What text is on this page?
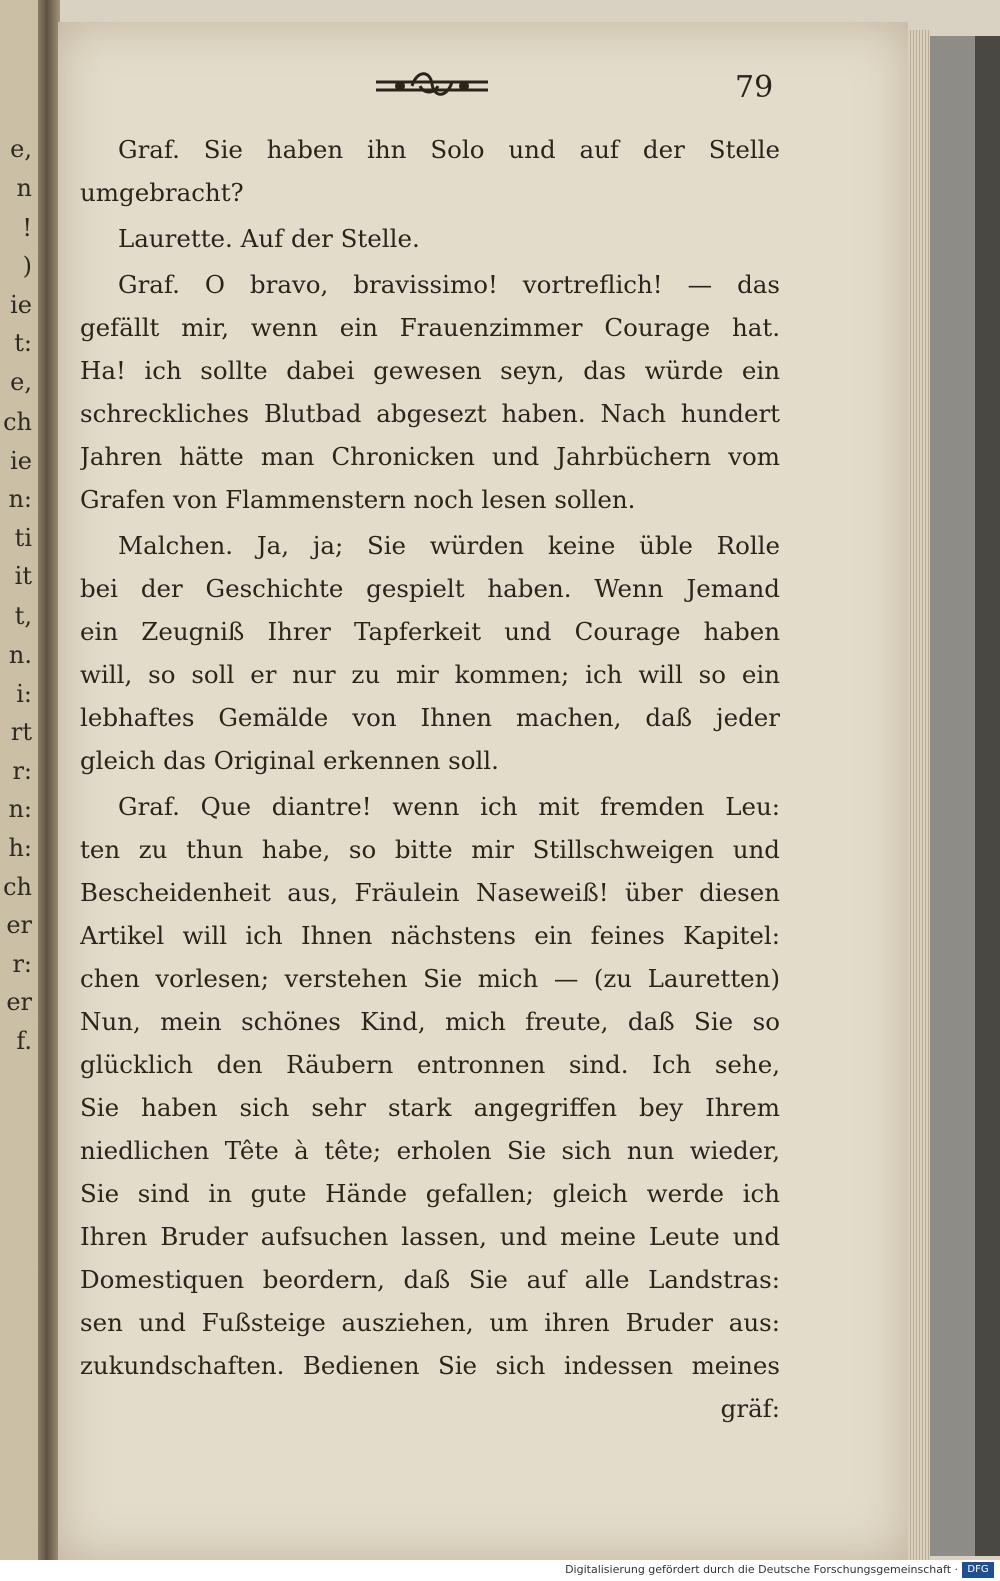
e,
n
!
)
ie
t:
e,
ch
ie
n:
ti
it
t,
n.
i:
rt
r:
n:
h:
ch
er
r:
er
f.
79
Graf. Sie haben ihn Solo und auf der Stelle
umgebracht?
Laurette. Auf der Stelle.
Graf. O bravo, bravissimo! vortreflich! — das
gefällt mir, wenn ein Frauenzimmer Courage hat.
Ha! ich sollte dabei gewesen seyn, das würde ein
schreckliches Blutbad abgesezt haben. Nach hundert
Jahren hätte man Chronicken und Jahrbüchern vom
Grafen von Flammenstern noch lesen sollen.
Malchen. Ja, ja; Sie würden keine üble Rolle
bei der Geschichte gespielt haben. Wenn Jemand
ein Zeugniß Ihrer Tapferkeit und Courage haben
will, so soll er nur zu mir kommen; ich will so ein
lebhaftes Gemälde von Ihnen machen, daß jeder
gleich das Original erkennen soll.
Graf. Que diantre! wenn ich mit fremden Leu:
ten zu thun habe, so bitte mir Stillschweigen und
Bescheidenheit aus, Fräulein Naseweiß! über diesen
Artikel will ich Ihnen nächstens ein feines Kapitel:
chen vorlesen; verstehen Sie mich — (zu Lauretten)
Nun, mein schönes Kind, mich freute, daß Sie so
glücklich den Räubern entronnen sind. Ich sehe,
Sie haben sich sehr stark angegriffen bey Ihrem
niedlichen Tête à tête; erholen Sie sich nun wieder,
Sie sind in gute Hände gefallen; gleich werde ich
Ihren Bruder aufsuchen lassen, und meine Leute und
Domestiquen beordern, daß Sie auf alle Landstras:
sen und Fußsteige ausziehen, um ihren Bruder aus:
zukundschaften. Bedienen Sie sich indessen meines
gräf:
Digitalisierung gefördert durch die Deutsche Forschungsgemeinschaft · DFG
